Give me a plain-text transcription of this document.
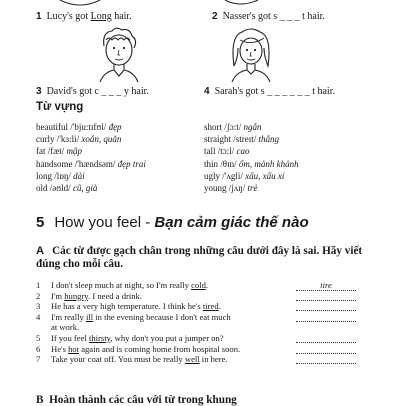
1 Lucy's got Long hair.	2 Nasser's got s _ _ _ t hair.
3 David's got c _ _ _ y hair.	4 Sarah's got s _ _ _ _ _ _ t hair.
Từ vựng
beautiful /'bju:tɪfʊl/ đẹp
curly /'kɜ:li/ xoắn, quăn
fat /fæt/ mập
handsome /'hændsəm/ đẹp trai
long /lɒŋ/ dài
old /əʊld/ cũ, già
short /ʃɔ:t/ ngắn
straight /streɪt/ thẳng
tall /tɔ:l/ cao
thin /θɪn/ ốm, mảnh khảnh
ugly /'ʌgli/ xấu, xấu xí
young /jʌŋ/ trẻ
5 How you feel - Bạn cảm giác thế nào
A Các từ được gạch chân trong những câu dưới đây là sai. Hãy viết đúng cho mỗi câu.
1 I don't sleep much at night, so I'm really cold.	tire
2 I'm hungry. I need a drink.
3 He has a very high temperature. I think he's tired.
4 I'm really ill in the evening because I don't eat much
at work.
5 If you feel thirsty, why don't you put a jumper on?
6 He's hot again and is coming home from hospital soon.
7 Take your coat off. You must be really well in here.
B Hoàn thành các câu với từ trong khung
